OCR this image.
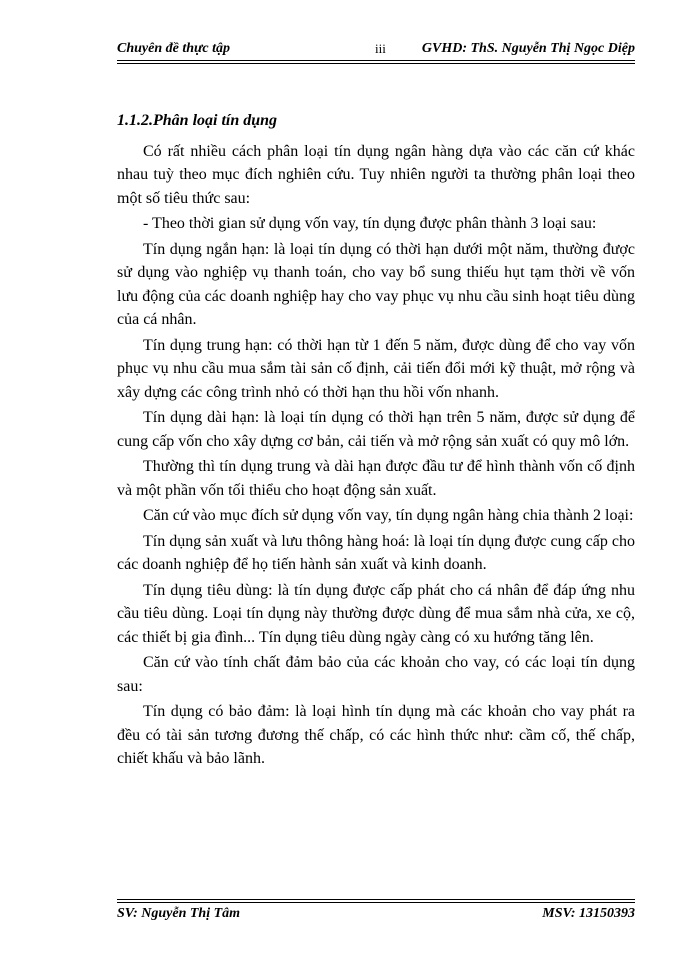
Chuyên đề thực tập	iii	GVHD: ThS. Nguyễn Thị Ngọc Diệp
1.1.2.Phân loại tín dụng

Có rất nhiều cách phân loại tín dụng ngân hàng dựa vào các căn cứ khác nhau tuỳ theo mục đích nghiên cứu. Tuy nhiên người ta thường phân loại theo một số tiêu thức sau:

- Theo thời gian sử dụng vốn vay, tín dụng được phân thành 3 loại sau:

Tín dụng ngắn hạn: là loại tín dụng có thời hạn dưới một năm, thường được sử dụng vào nghiệp vụ thanh toán, cho vay bổ sung thiếu hụt tạm thời về vốn lưu động của các doanh nghiệp hay cho vay phục vụ nhu cầu sinh hoạt tiêu dùng của cá nhân.

Tín dụng trung hạn: có thời hạn từ 1 đến 5 năm, được dùng để cho vay vốn phục vụ nhu cầu mua sắm tài sản cố định, cải tiến đổi mới kỹ thuật, mở rộng và xây dựng các công trình nhỏ có thời hạn thu hồi vốn nhanh.

Tín dụng dài hạn: là loại tín dụng có thời hạn trên 5 năm, được sử dụng để cung cấp vốn cho xây dựng cơ bản, cải tiến và mở rộng sản xuất có quy mô lớn.

Thường thì tín dụng trung và dài hạn được đầu tư để hình thành vốn cố định và một phần vốn tối thiểu cho hoạt động sản xuất.

Căn cứ vào mục đích sử dụng vốn vay, tín dụng ngân hàng chia thành 2 loại:

Tín dụng sản xuất và lưu thông hàng hoá: là loại tín dụng được cung cấp cho các doanh nghiệp để họ tiến hành sản xuất và kinh doanh.

Tín dụng tiêu dùng: là tín dụng được cấp phát cho cá nhân để đáp ứng nhu cầu tiêu dùng. Loại tín dụng này thường được dùng để mua sắm nhà cửa, xe cộ, các thiết bị gia đình... Tín dụng tiêu dùng ngày càng có xu hướng tăng lên.

Căn cứ vào tính chất đảm bảo của các khoản cho vay, có các loại tín dụng sau:

Tín dụng có bảo đảm: là loại hình tín dụng mà các khoản cho vay phát ra đều có tài sản tương đương thế chấp, có các hình thức như: cầm cố, thế chấp, chiết khấu và bảo lãnh.

SV: Nguyễn Thị Tâm	MSV: 13150393
